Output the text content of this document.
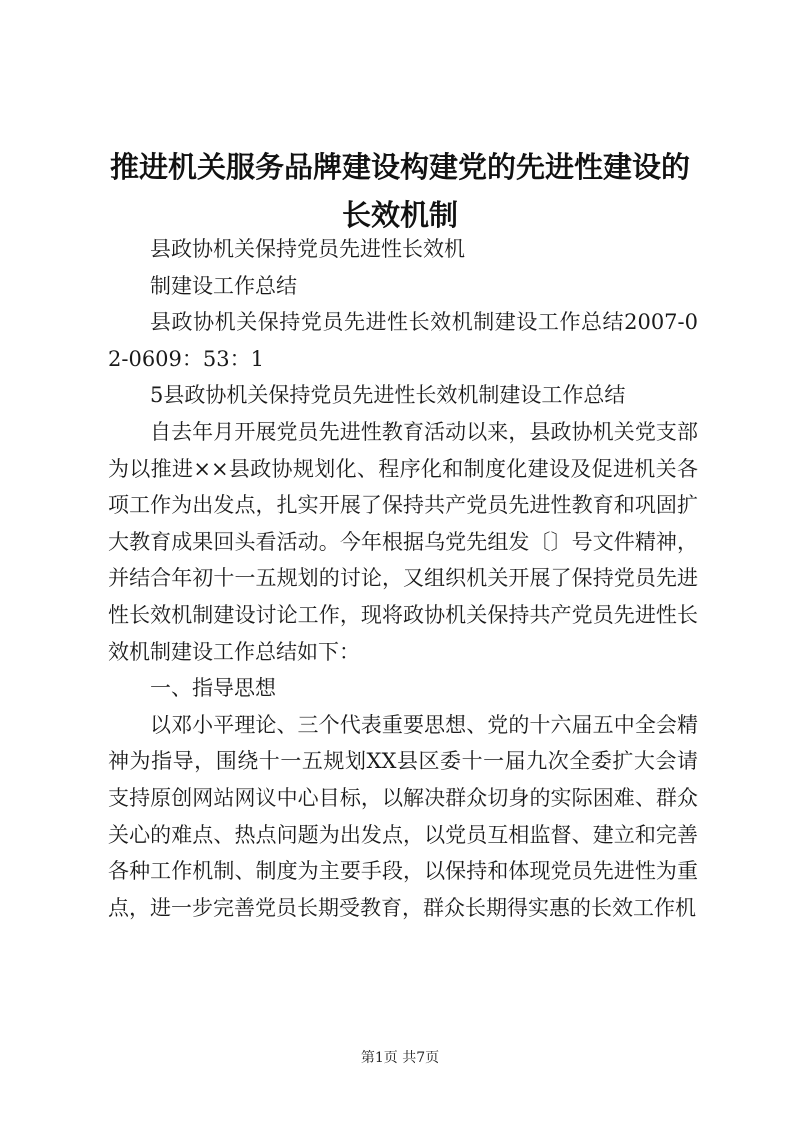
推进机关服务品牌建设构建党的先进性建设的
长效机制

县政协机关保持党员先进性长效机

制建设工作总结

县政协机关保持党员先进性长效机制建设工作总结2007-02-0609：53：1

5县政协机关保持党员先进性长效机制建设工作总结

自去年月开展党员先进性教育活动以来，县政协机关党支部为以推进××县政协规划化、程序化和制度化建设及促进机关各项工作为出发点，扎实开展了保持共产党员先进性教育和巩固扩大教育成果回头看活动。今年根据乌党先组发〔〕号文件精神，并结合年初十一五规划的讨论，又组织机关开展了保持党员先进性长效机制建设讨论工作，现将政协机关保持共产党员先进性长效机制建设工作总结如下：

一、指导思想

以邓小平理论、三个代表重要思想、党的十六届五中全会精神为指导，围绕十一五规划XX县区委十一届九次全委扩大会请支持原创网站网议中心目标，以解决群众切身的实际困难、群众关心的难点、热点问题为出发点，以党员互相监督、建立和完善各种工作机制、制度为主要手段，以保持和体现党员先进性为重点，进一步完善党员长期受教育，群众长期得实惠的长效工作机

第1页 共7页
